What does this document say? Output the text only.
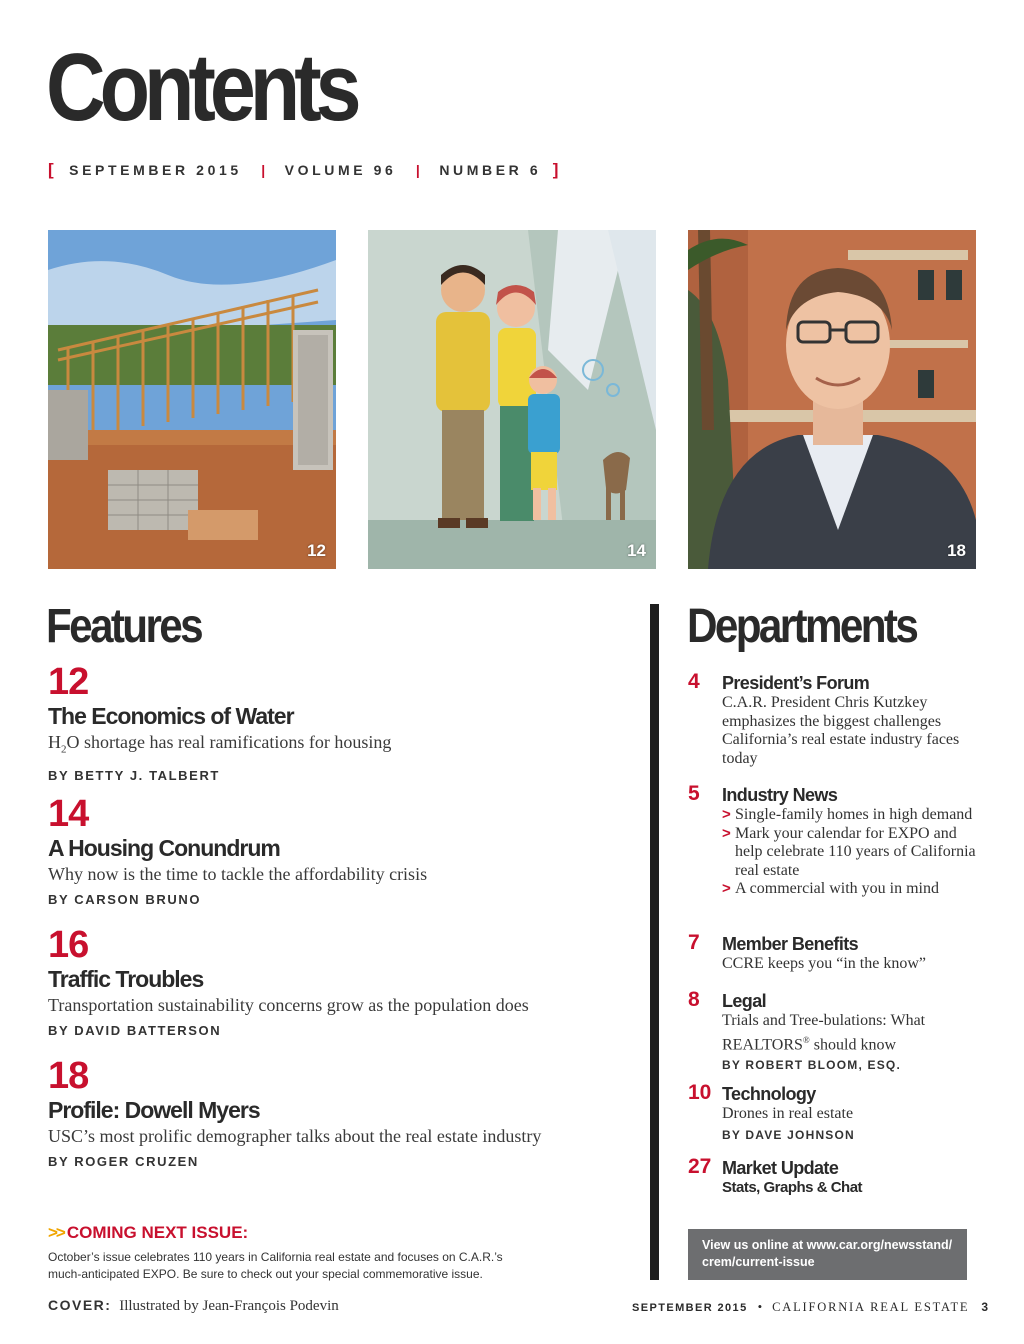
Contents
[ SEPTEMBER 2015 | VOLUME 96 | NUMBER 6 ]
12	14	18
Features
12
The Economics of Water
$H_2O$ shortage has real ramifications for housing
BY BETTY J. TALBERT
14
A Housing Conundrum
Why now is the time to tackle the affordability crisis
BY CARSON BRUNO
16
Traffic Troubles
Transportation sustainability concerns grow as the population does
BY DAVID BATTERSON
18
Profile: Dowell Myers
USC’s most prolific demographer talks about the real estate industry
BY ROGER CRUZEN
>> COMING NEXT ISSUE:
October’s issue celebrates 110 years in California real estate and focuses on C.A.R.’s much-anticipated EXPO. Be sure to check out your special commemorative issue.
COVER: Illustrated by Jean-François Podevin
Departments
4	President’s Forum
C.A.R. President Chris Kutzkey emphasizes the biggest challenges California’s real estate industry faces today
5	Industry News
> Single-family homes in high demand
> Mark your calendar for EXPO and help celebrate 110 years of California real estate
> A commercial with you in mind
7	Member Benefits
CCRE keeps you “in the know”
8	Legal
Trials and Tree-bulations: What REALTORS® should know
BY ROBERT BLOOM, ESQ.
10 Technology
Drones in real estate
BY DAVE JOHNSON
27 Market Update
Stats, Graphs & Chat
View us online at www.car.org/newsstand/
crem/current-issue
SEPTEMBER 2015 • CALIFORNIA REAL ESTATE 3
